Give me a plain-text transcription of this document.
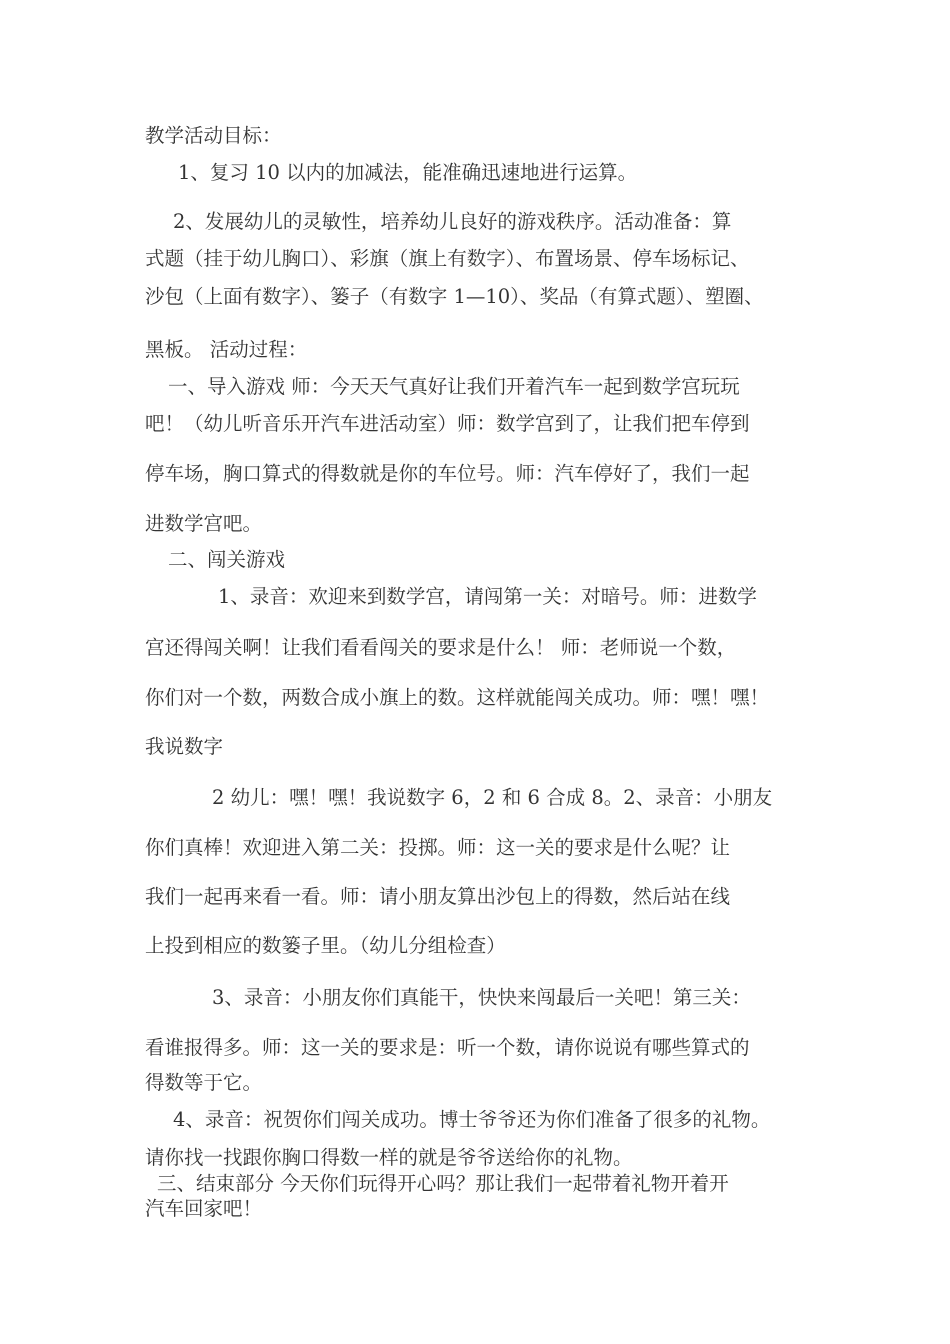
教学活动目标：
1、复习 10 以内的加减法，能准确迅速地进行运算。
2、发展幼儿的灵敏性，培养幼儿良好的游戏秩序。活动准备：算
式题（挂于幼儿胸口）、彩旗（旗上有数字）、布置场景、停车场标记、
沙包（上面有数字）、篓子（有数字 1—10）、奖品（有算式题）、塑圈、
黑板。 活动过程：
一、导入游戏 师：今天天气真好让我们开着汽车一起到数学宫玩玩
吧！（幼儿听音乐开汽车进活动室）师：数学宫到了，让我们把车停到
停车场，胸口算式的得数就是你的车位号。师：汽车停好了，我们一起
进数学宫吧。
二、闯关游戏
1、录音：欢迎来到数学宫，请闯第一关：对暗号。师：进数学
宫还得闯关啊！让我们看看闯关的要求是什么！ 师：老师说一个数，
你们对一个数，两数合成小旗上的数。这样就能闯关成功。师：嘿！嘿！
我说数字
2 幼儿：嘿！嘿！我说数字 6，2 和 6 合成 8。2、录音：小朋友
你们真棒！欢迎进入第二关：投掷。师：这一关的要求是什么呢？让
我们一起再来看一看。师：请小朋友算出沙包上的得数，然后站在线
上投到相应的数篓子里。（幼儿分组检查）
3、录音：小朋友你们真能干，快快来闯最后一关吧！第三关：
看谁报得多。师：这一关的要求是：听一个数，请你说说有哪些算式的
得数等于它。
4、录音：祝贺你们闯关成功。博士爷爷还为你们准备了很多的礼物。
请你找一找跟你胸口得数一样的就是爷爷送给你的礼物。
三、结束部分 今天你们玩得开心吗？那让我们一起带着礼物开着开
汽车回家吧！
